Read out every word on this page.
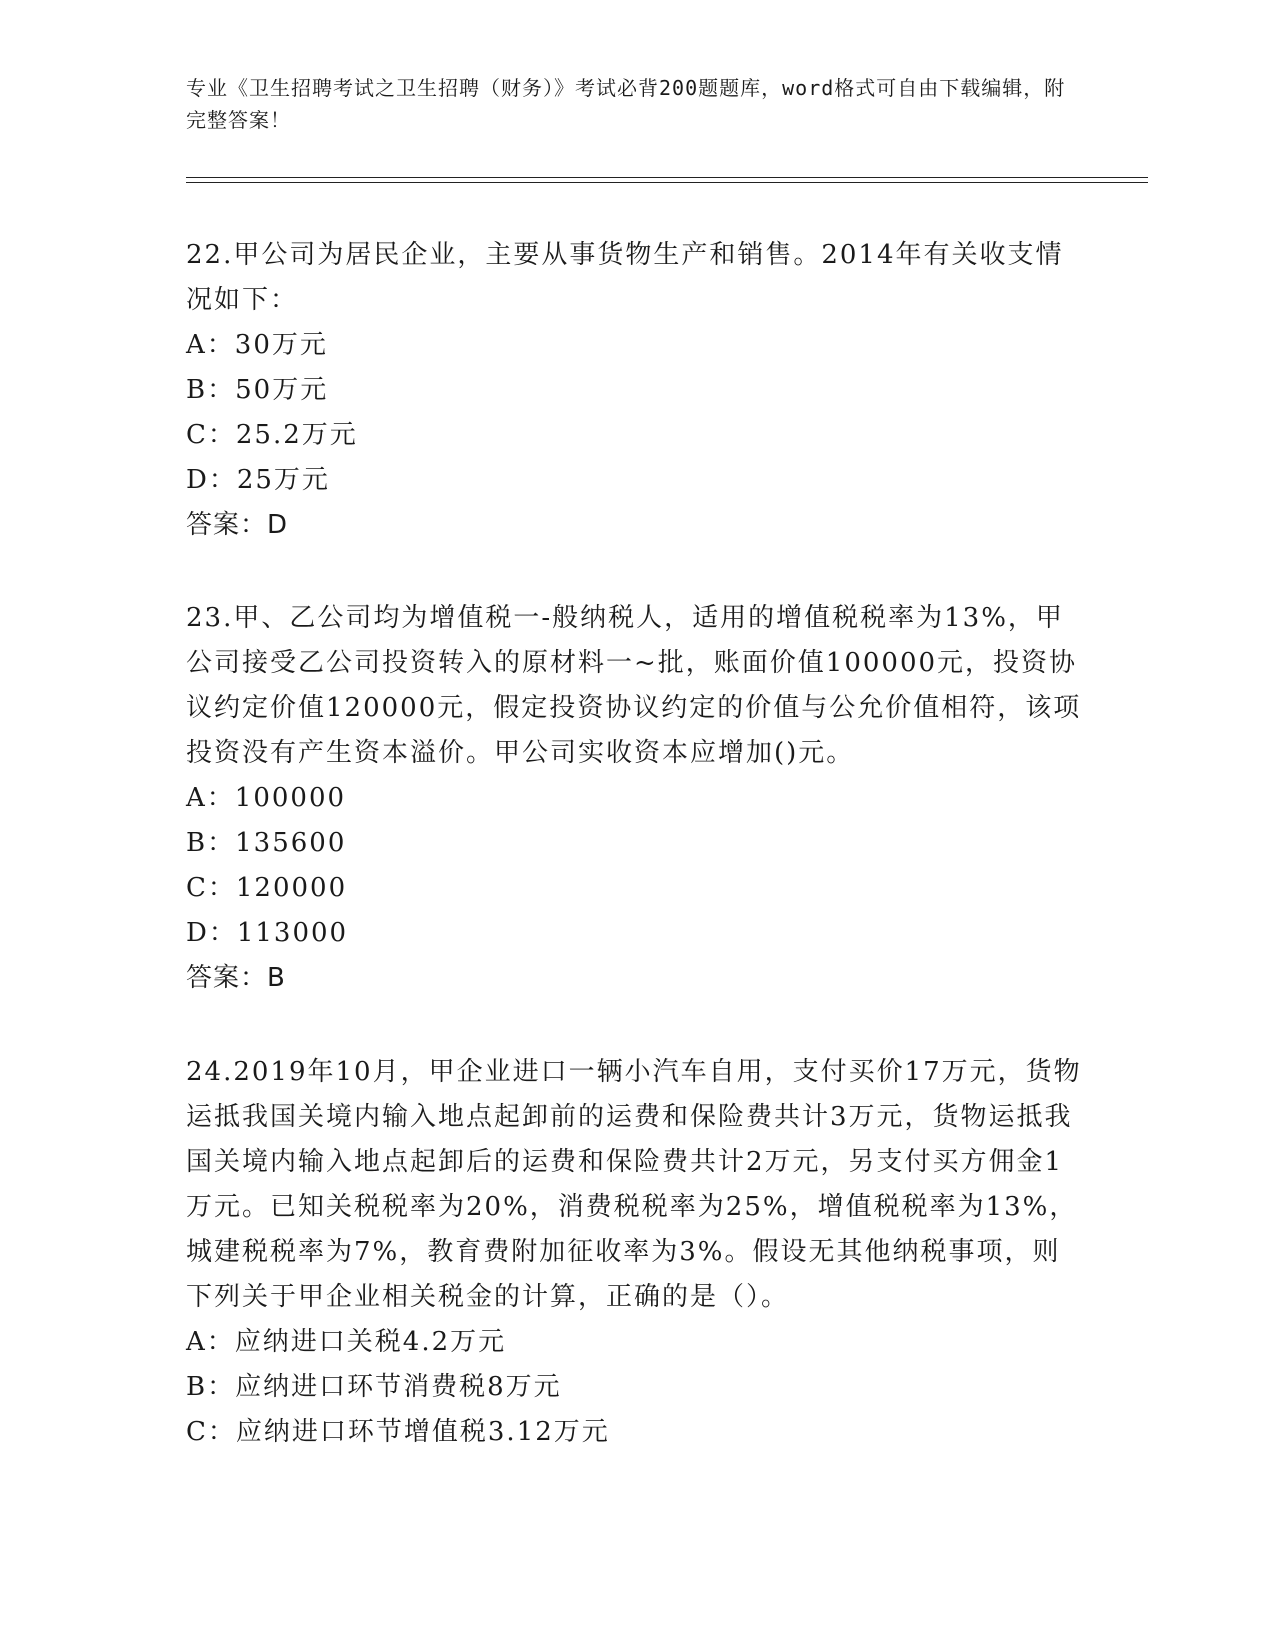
专业《卫生招聘考试之卫生招聘（财务）》考试必背200题题库，word格式可自由下载编辑，附完整答案！

22.甲公司为居民企业，主要从事货物生产和销售。2014年有关收支情况如下：

A：30万元

B：50万元

C：25.2万元

D：25万元

答案：D

23.甲、乙公司均为增值税一-般纳税人，适用的增值税税率为13%，甲公司接受乙公司投资转入的原材料一~批，账面价值100000元，投资协议约定价值120000元，假定投资协议约定的价值与公允价值相符，该项投资没有产生资本溢价。甲公司实收资本应增加()元。

A：100000

B：135600

C：120000

D：113000

答案：B

24.2019年10月，甲企业进口一辆小汽车自用，支付买价17万元，货物运抵我国关境内输入地点起卸前的运费和保险费共计3万元，货物运抵我国关境内输入地点起卸后的运费和保险费共计2万元，另支付买方佣金1万元。已知关税税率为20%，消费税税率为25%，增值税税率为13%，城建税税率为7%，教育费附加征收率为3%。假设无其他纳税事项，则下列关于甲企业相关税金的计算，正确的是（）。

A：应纳进口关税4.2万元

B：应纳进口环节消费税8万元

C：应纳进口环节增值税3.12万元
